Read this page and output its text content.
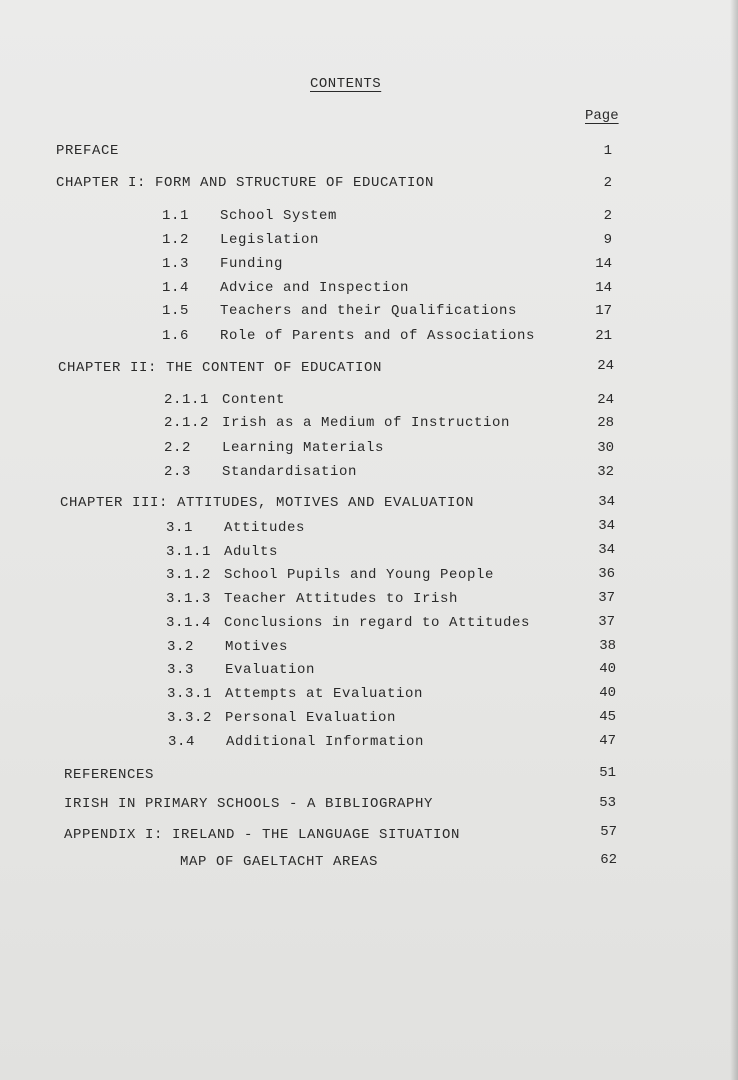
CONTENTS
Page
PREFACE	1
CHAPTER I: FORM AND STRUCTURE OF EDUCATION	2
1.1 School System	2
1.2 Legislation	9
1.3 Funding	14
1.4 Advice and Inspection	14
1.5 Teachers and their Qualifications	17
1.6 Role of Parents and of Associations	21
CHAPTER II: THE CONTENT OF EDUCATION	24
2.1.1 Content	24
2.1.2 Irish as a Medium of Instruction	28
2.2 Learning Materials	30
2.3 Standardisation	32
CHAPTER III: ATTITUDES, MOTIVES AND EVALUATION	34
3.1 Attitudes	34
3.1.1 Adults	34
3.1.2 School Pupils and Young People	36
3.1.3 Teacher Attitudes to Irish	37
3.1.4 Conclusions in regard to Attitudes	37
3.2 Motives	38
3.3 Evaluation	40
3.3.1 Attempts at Evaluation	40
3.3.2 Personal Evaluation	45
3.4 Additional Information	47
REFERENCES	51
IRISH IN PRIMARY SCHOOLS - A BIBLIOGRAPHY	53
APPENDIX I: IRELAND - THE LANGUAGE SITUATION	57
MAP OF GAELTACHT AREAS	62
